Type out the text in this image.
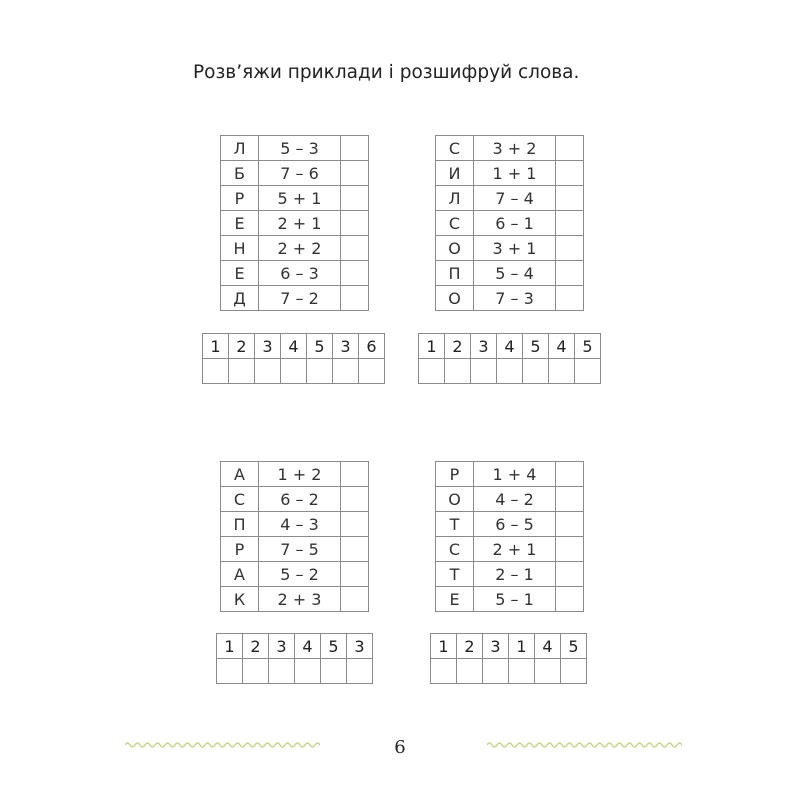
Розв’яжи приклади і розшифруй слова.
Л	5 – 3	
Б	7 – 6	
Р	5 + 1	
Е	2 + 1	
Н	2 + 2	
Е	6 – 3	
Д	7 – 2	
1	2	3	4	5	3	6

С	3 + 2	
И	1 + 1	
Л	7 – 4	
С	6 – 1	
О	3 + 1	
П	5 – 4	
О	7 – 3	
1	2	3	4	5	4	5

А	1 + 2	
С	6 – 2	
П	4 – 3	
Р	7 – 5	
А	5 – 2	
К	2 + 3	
1	2	3	4	5	3

Р	1 + 4	
О	4 – 2	
Т	6 – 5	
С	2 + 1	
Т	2 – 1	
Е	5 – 1	
1	2	3	1	4	5

6
